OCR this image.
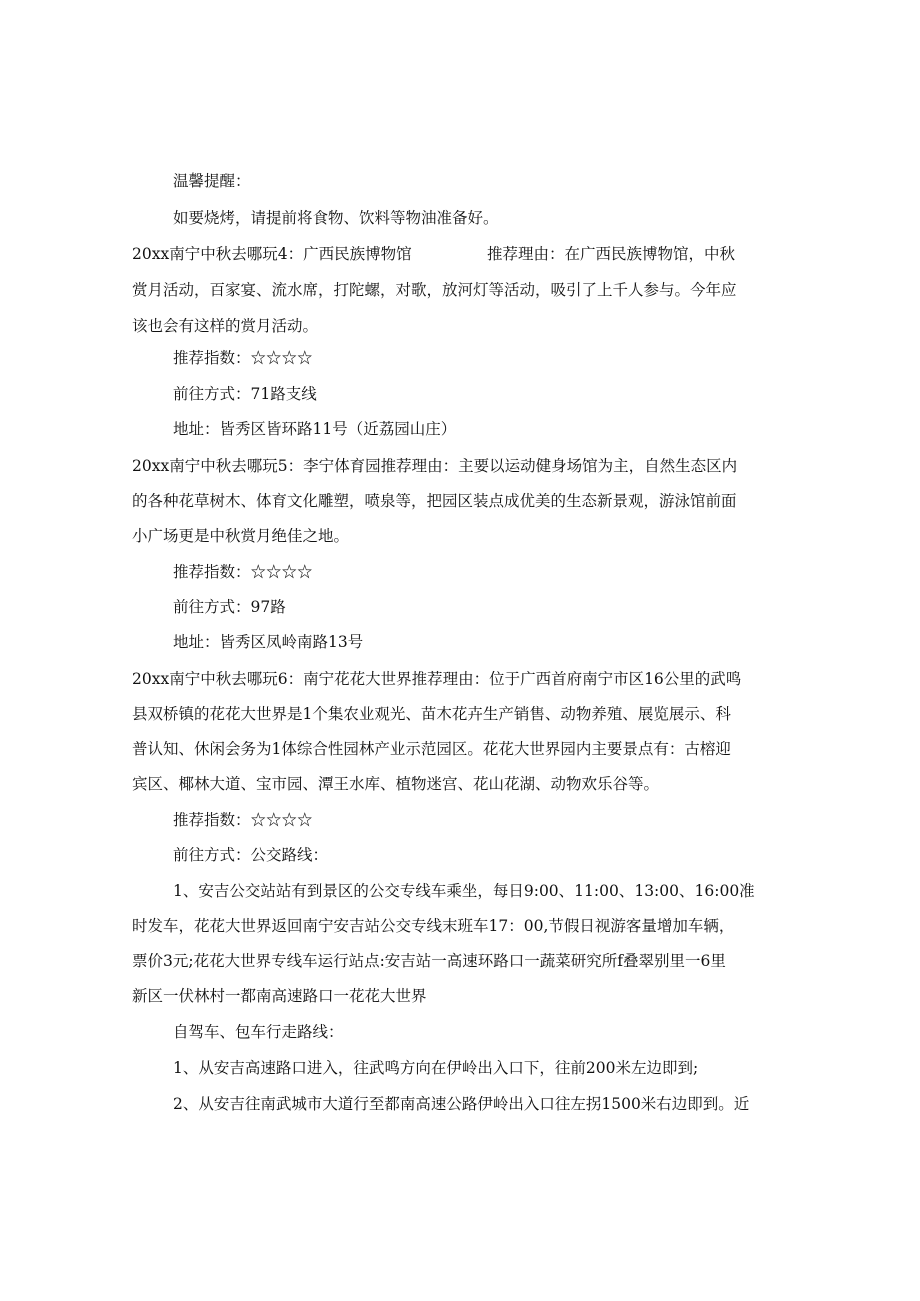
温馨提醒：
如要烧烤，请提前将食物、饮料等物油准备好。
20xx南宁中秋去哪玩4：广西民族博物馆	推荐理由：在广西民族博物馆，中秋
赏月活动，百家宴、流水席，打陀螺，对歌，放河灯等活动，吸引了上千人参与。今年应
该也会有这样的赏月活动。
推荐指数：☆☆☆☆
前往方式：71路支线
地址：皆秀区皆环路11号（近荔园山庄）
20xx南宁中秋去哪玩5：李宁体育园推荐理由：主要以运动健身场馆为主，自然生态区内
的各种花草树木、体育文化雕塑，喷泉等，把园区装点成优美的生态新景观，游泳馆前面
小广场更是中秋赏月绝佳之地。
推荐指数：☆☆☆☆
前往方式：97路
地址：皆秀区凤岭南路13号
20xx南宁中秋去哪玩6：南宁花花大世界推荐理由：位于广西首府南宁市区16公里的武鸣
县双桥镇的花花大世界是1个集农业观光、苗木花卉生产销售、动物养殖、展览展示、科
普认知、休闲会务为1体综合性园林产业示范园区。花花大世界园内主要景点有：古榕迎
宾区、椰林大道、宝市园、潭王水库、植物迷宫、花山花湖、动物欢乐谷等。
推荐指数：☆☆☆☆
前往方式：公交路线：
1、安吉公交站站有到景区的公交专线车乘坐，每日9:00、11:00、13:00、16:00准
时发车，花花大世界返回南宁安吉站公交专线末班车17：00,节假日视游客量增加车辆，
票价3元;花花大世界专线车运行站点:安吉站一高速环路口一蔬菜研究所f叠翠别里一6里
新区一伏林村一都南高速路口一花花大世界
自驾车、包车行走路线：
1、从安吉高速路口进入，往武鸣方向在伊岭出入口下，往前200米左边即到;
2、从安吉往南武城市大道行至都南高速公路伊岭出入口往左拐1500米右边即到。近
